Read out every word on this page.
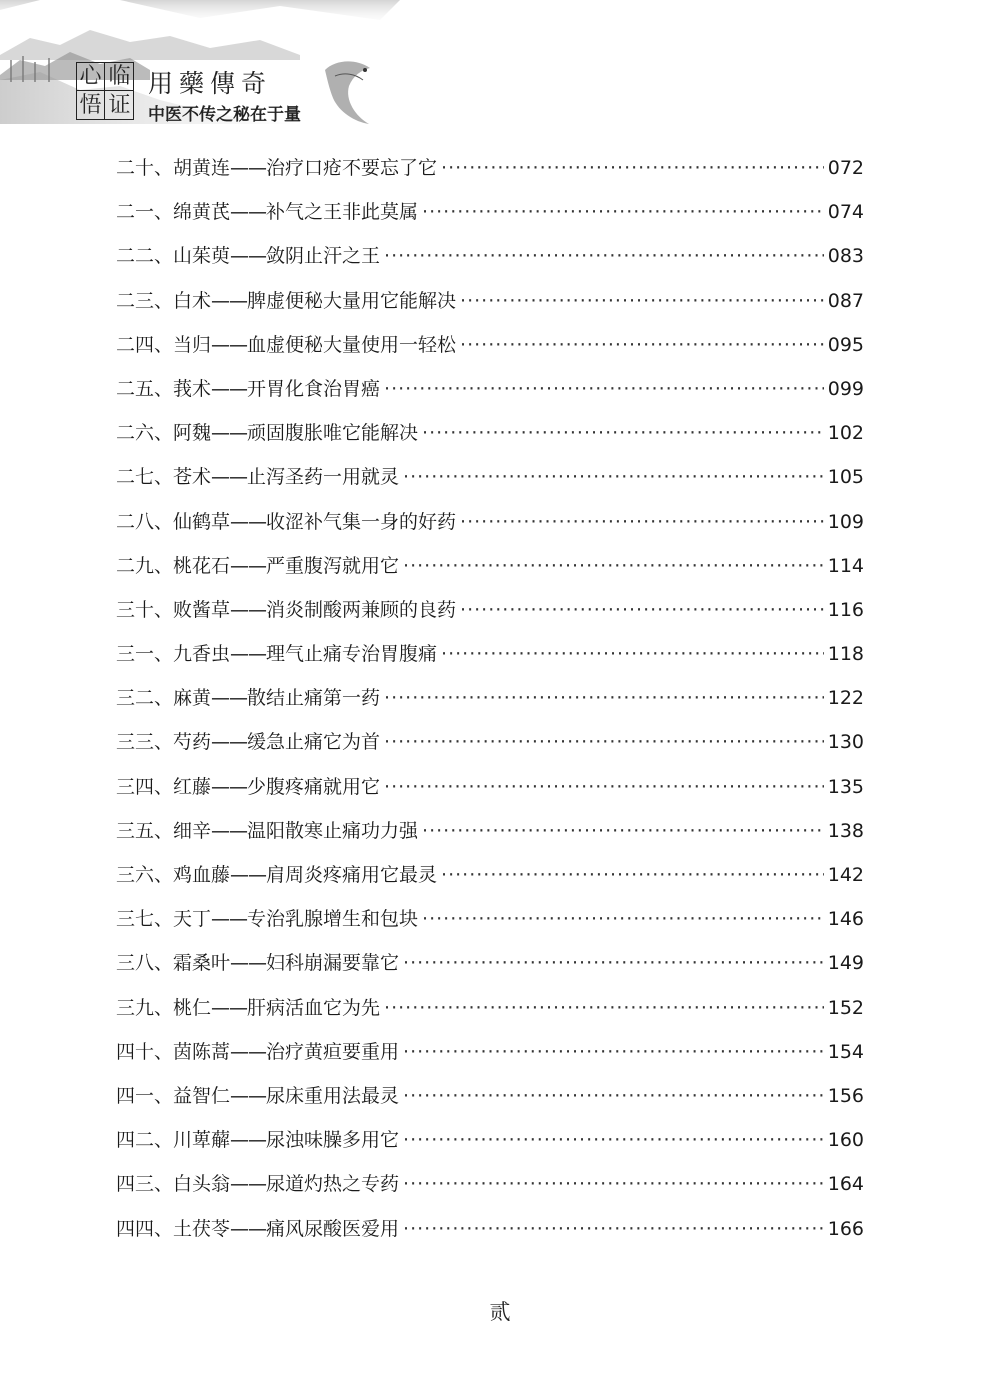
心 临
悟 证
用藥傳奇
中医不传之秘在于量
二十、 胡黄连 —— 治疗口疮不要忘了它 ·····	072
二一、 绵黄芪 —— 补气之王非此莫属 ·····	074
二二、 山茱萸 —— 敛阴止汗之王 ·····	083
二三、 白术 —— 脾虚便秘大量用它能解决 ·····	087
二四、 当归 —— 血虚便秘大量使用一轻松 ·····	095
二五、 莪术 —— 开胃化食治胃癌 ·····	099
二六、 阿魏 —— 顽固腹胀唯它能解决 ·····	102
二七、 苍术 —— 止泻圣药一用就灵 ·····	105
二八、 仙鹤草 —— 收涩补气集一身的好药 ·····	109
二九、 桃花石 —— 严重腹泻就用它 ·····	114
三十、 败酱草 —— 消炎制酸两兼顾的良药 ·····	116
三一、 九香虫 —— 理气止痛专治胃腹痛 ·····	118
三二、 麻黄 —— 散结止痛第一药 ·····	122
三三、 芍药 —— 缓急止痛它为首 ·····	130
三四、 红藤 —— 少腹疼痛就用它 ·····	135
三五、 细辛 —— 温阳散寒止痛功力强 ·····	138
三六、 鸡血藤 —— 肩周炎疼痛用它最灵 ·····	142
三七、 天丁 —— 专治乳腺增生和包块 ·····	146
三八、 霜桑叶 —— 妇科崩漏要靠它 ·····	149
三九、 桃仁 —— 肝病活血它为先 ·····	152
四十、 茵陈蒿 —— 治疗黄疸要重用 ·····	154
四一、 益智仁 —— 尿床重用法最灵 ·····	156
四二、 川萆薢 —— 尿浊味臊多用它 ·····	160
四三、 白头翁 —— 尿道灼热之专药 ·····	164
四四、 土茯苓 —— 痛风尿酸医爱用 ·····	166
贰
